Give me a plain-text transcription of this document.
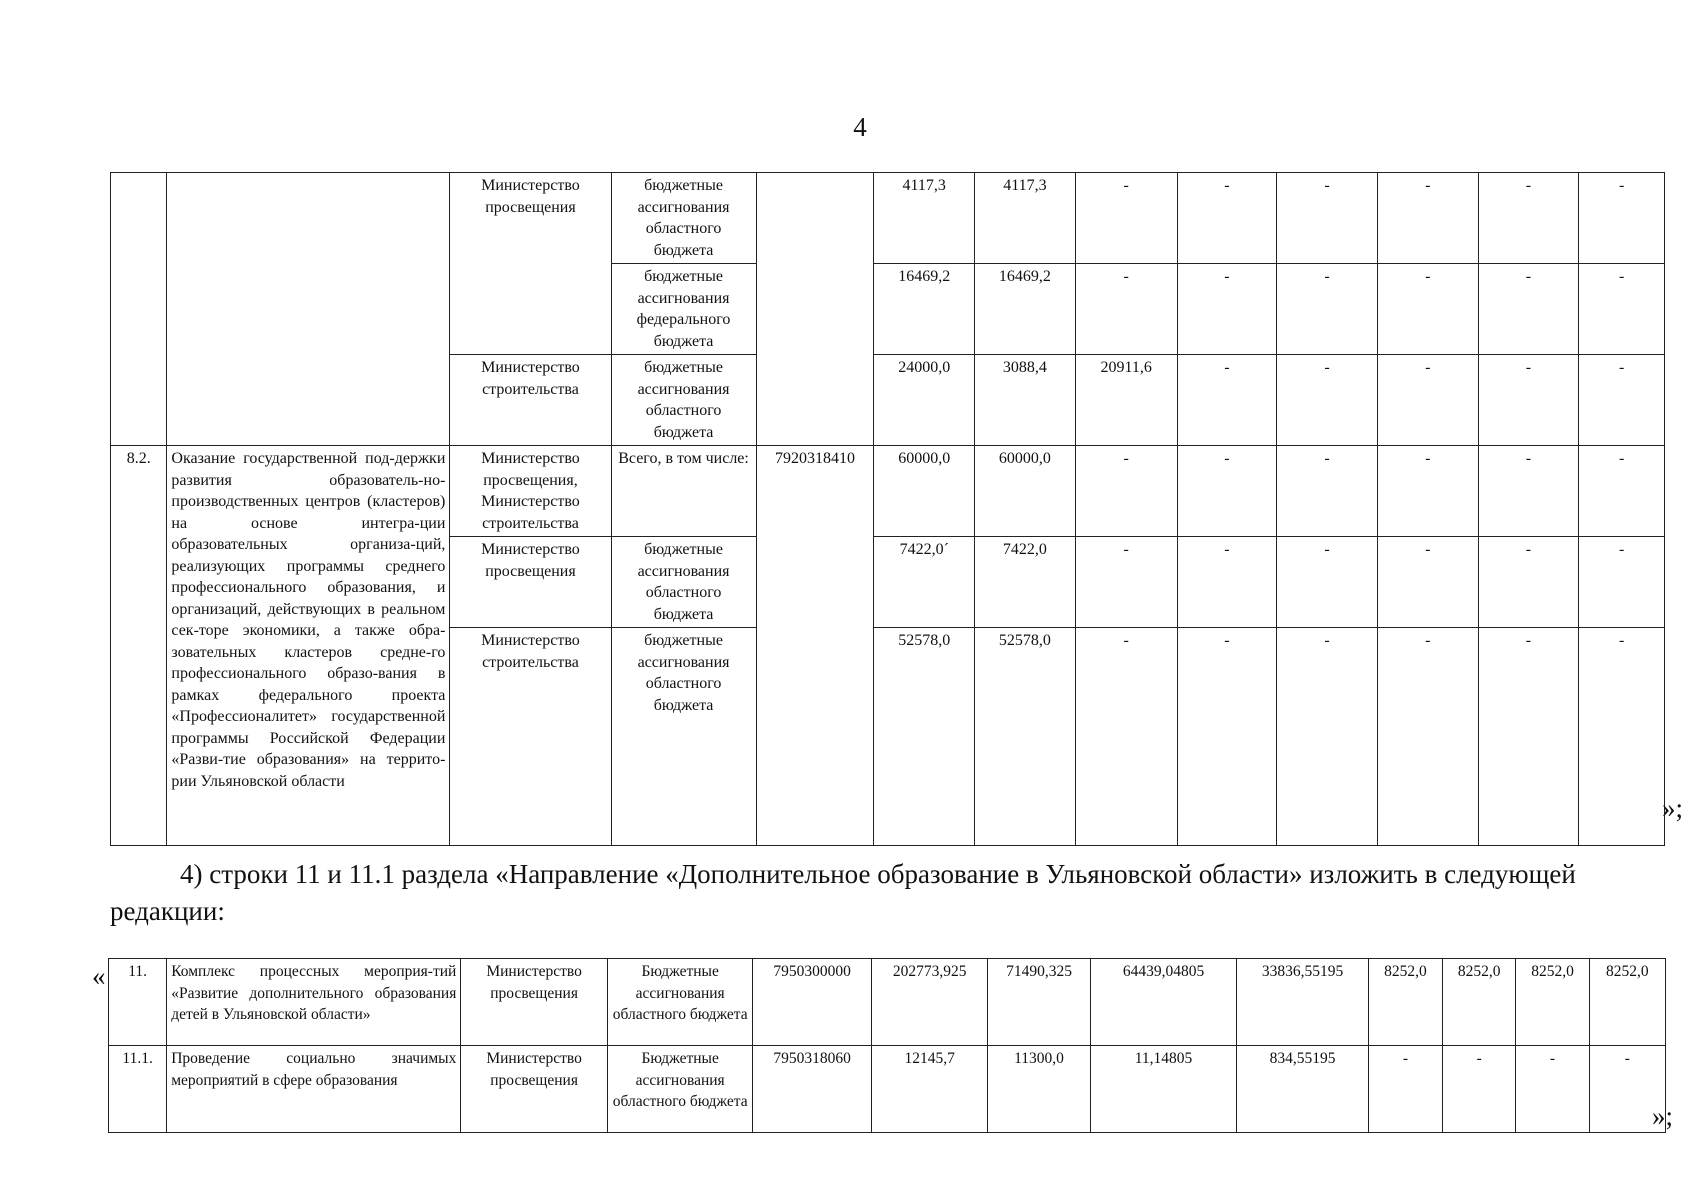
4
		Министерство просвещения	бюджетные ассигнования областного бюджета		4117,3	4117,3	-	-	-	-	-	-
			бюджетные ассигнования федерального бюджета		16469,2	16469,2	-	-	-	-	-	-
		Министерство строительства	бюджетные ассигнования областного бюджета		24000,0	3088,4	20911,6	-	-	-	-	-
8.2.	Оказание государственной под-держки развития образователь-но-производственных центров (кластеров) на основе интегра-ции образовательных организа-ций, реализующих программы среднего профессионального образования, и организаций, действующих в реальном сек-торе экономики, а также обра-зовательных кластеров средне-го профессионального образо-вания в рамках федерального проекта «Профессионалитет» государственной программы Российской Федерации «Разви-тие образования» на террито-рии Ульяновской области	Министерство просвещения, Министерство строительства	Всего, в том числе:	7920318410	60000,0	60000,0	-	-	-	-	-	-
		Министерство просвещения	бюджетные ассигнования областного бюджета		7422,0´	7422,0	-	-	-	-	-	-
		Министерство строительства	бюджетные ассигнования областного бюджета		52578,0	52578,0	-	-	-	-	-	-
»;
4) строки 11 и 11.1 раздела «Направление «Дополнительное образование в Ульяновской области» изложить в следующей редакции:
« 11.	Комплекс процессных мероприя-тий «Развитие дополнительного образования детей в Ульяновской области»	Министерство просвещения	Бюджетные ассигнования областного бюджета	7950300000	202773,925	71490,325	64439,04805	33836,55195	8252,0	8252,0	8252,0	8252,0
11.1.	Проведение социально значимых мероприятий в сфере образования	Министерство просвещения	Бюджетные ассигнования областного бюджета	7950318060	12145,7	11300,0	11,14805	834,55195	-	-	-	-
»;
